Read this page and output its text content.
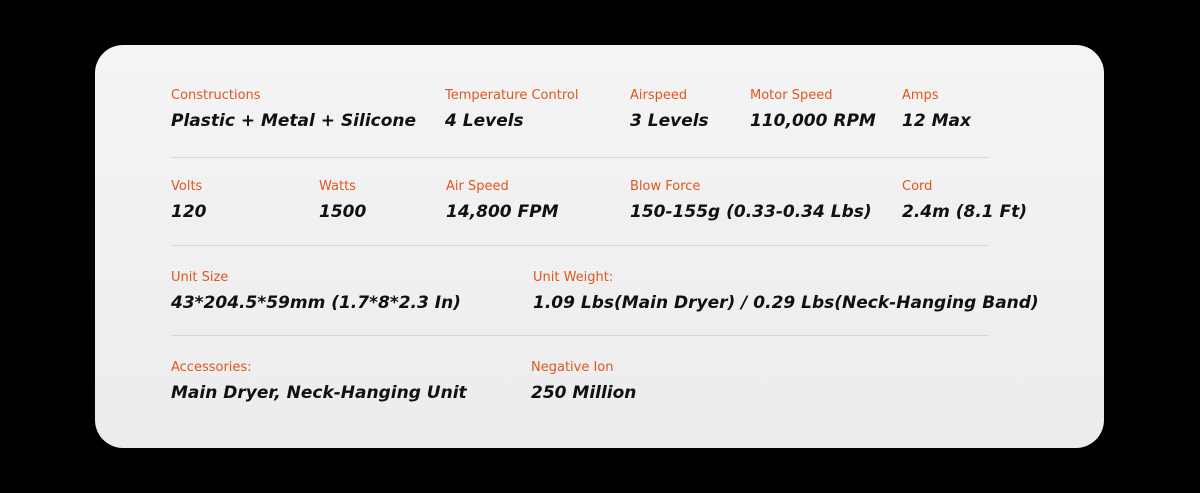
Constructions
Plastic + Metal + Silicone
Temperature Control
4 Levels
Airspeed
3 Levels
Motor Speed
110,000 RPM
Amps
12 Max
Volts
120
Watts
1500
Air Speed
14,800 FPM
Blow Force
150-155g (0.33-0.34 Lbs)
Cord
2.4m (8.1 Ft)
Unit Size
43*204.5*59mm (1.7*8*2.3 In)
Unit Weight:
1.09 Lbs(Main Dryer) / 0.29 Lbs(Neck-Hanging Band)
Accessories:
Main Dryer, Neck-Hanging Unit
Negative Ion
250 Million
